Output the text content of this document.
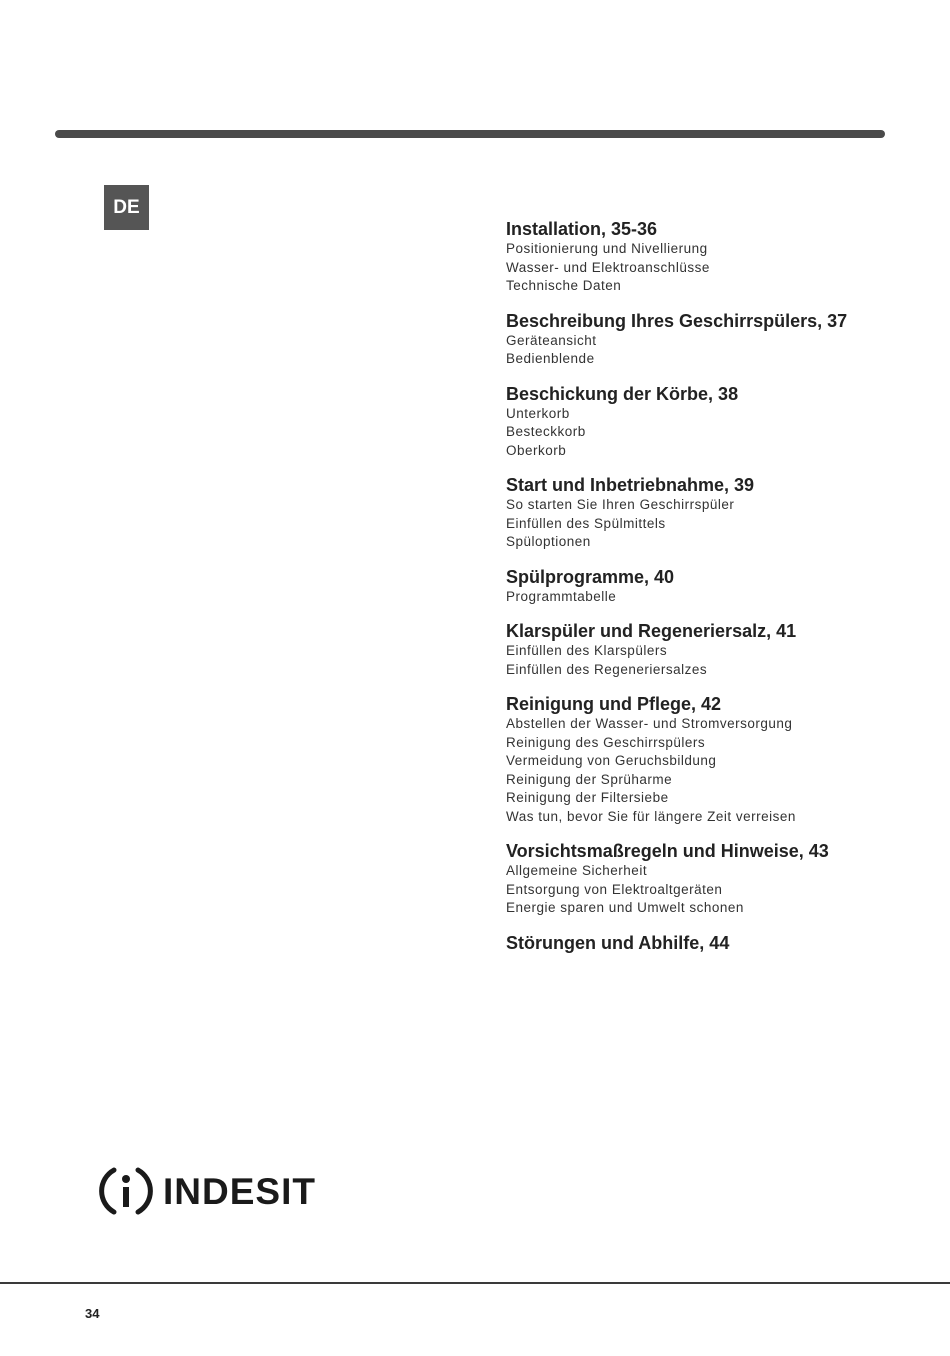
DE
Installation, 35-36
Positionierung und Nivellierung
Wasser- und Elektroanschlüsse
Technische Daten
Beschreibung Ihres Geschirrspülers, 37
Geräteansicht
Bedienblende
Beschickung der Körbe, 38
Unterkorb
Besteckkorb
Oberkorb
Start und Inbetriebnahme, 39
So starten Sie Ihren Geschirrspüler
Einfüllen des Spülmittels
Spüloptionen
Spülprogramme, 40
Programmtabelle
Klarspüler und Regeneriersalz, 41
Einfüllen des Klarspülers
Einfüllen des Regeneriersalzes
Reinigung und Pflege, 42
Abstellen der Wasser- und Stromversorgung
Reinigung des Geschirrspülers
Vermeidung von Geruchsbildung
Reinigung der Sprüharme
Reinigung der Filtersiebe
Was tun, bevor Sie für längere Zeit verreisen
Vorsichtsmaßregeln und Hinweise, 43
Allgemeine Sicherheit
Entsorgung von Elektroaltgeräten
Energie sparen und Umwelt schonen
Störungen und Abhilfe, 44
INDESIT
34
